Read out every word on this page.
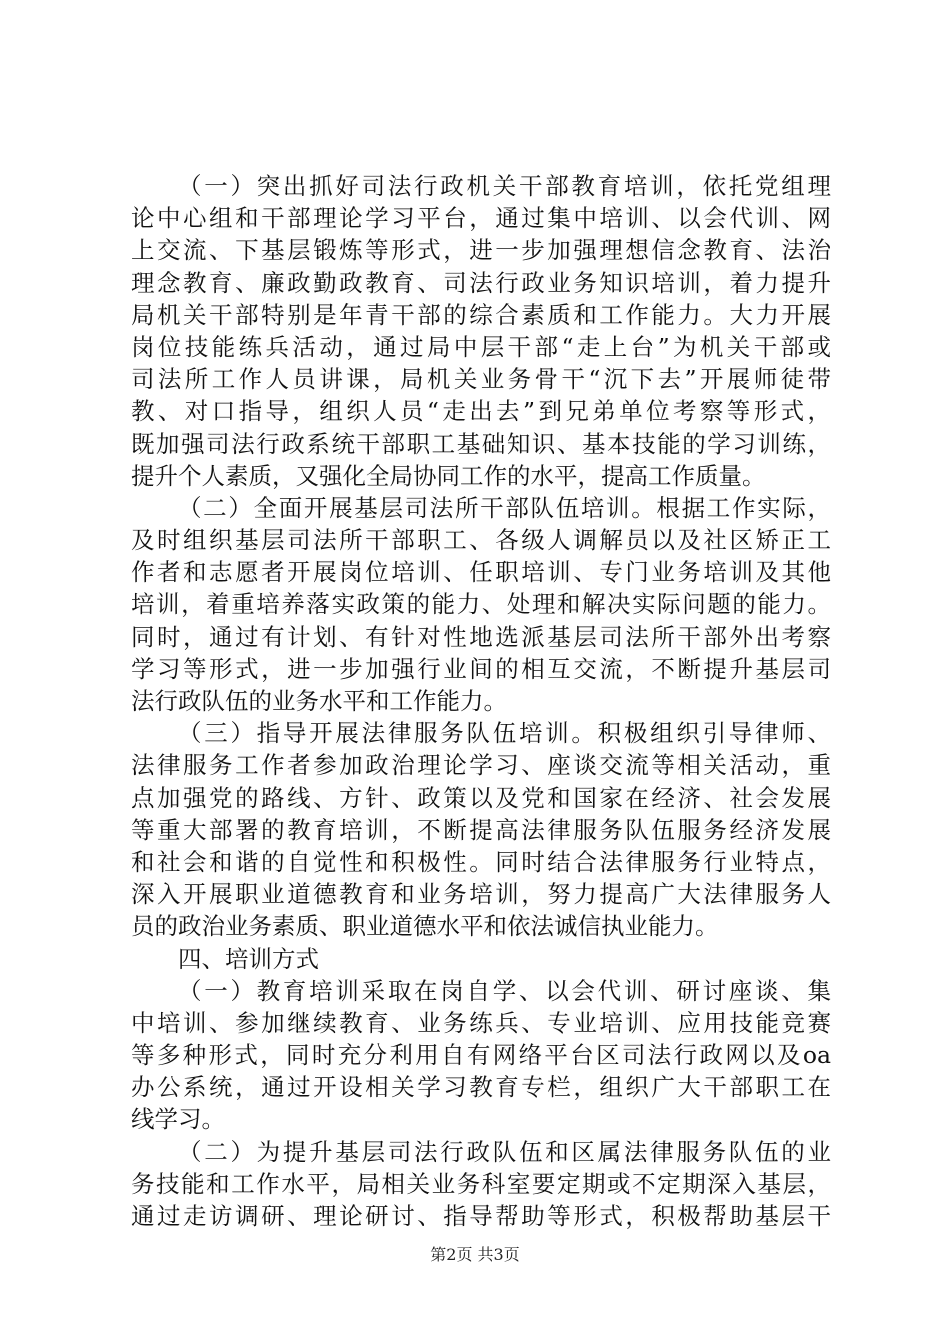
（一）突出抓好司法行政机关干部教育培训，依托党组理
论中心组和干部理论学习平台，通过集中培训、以会代训、网
上交流、下基层锻炼等形式，进一步加强理想信念教育、法治
理念教育、廉政勤政教育、司法行政业务知识培训，着力提升
局机关干部特别是年青干部的综合素质和工作能力。大力开展
岗位技能练兵活动，通过局中层干部“走上台”为机关干部或
司法所工作人员讲课，局机关业务骨干“沉下去”开展师徒带
教、对口指导，组织人员“走出去”到兄弟单位考察等形式，
既加强司法行政系统干部职工基础知识、基本技能的学习训练，
提升个人素质，又强化全局协同工作的水平，提高工作质量。
（二）全面开展基层司法所干部队伍培训。根据工作实际，
及时组织基层司法所干部职工、各级人调解员以及社区矫正工
作者和志愿者开展岗位培训、任职培训、专门业务培训及其他
培训，着重培养落实政策的能力、处理和解决实际问题的能力。
同时，通过有计划、有针对性地选派基层司法所干部外出考察
学习等形式，进一步加强行业间的相互交流，不断提升基层司
法行政队伍的业务水平和工作能力。
（三）指导开展法律服务队伍培训。积极组织引导律师、
法律服务工作者参加政治理论学习、座谈交流等相关活动，重
点加强党的路线、方针、政策以及党和国家在经济、社会发展
等重大部署的教育培训，不断提高法律服务队伍服务经济发展
和社会和谐的自觉性和积极性。同时结合法律服务行业特点，
深入开展职业道德教育和业务培训，努力提高广大法律服务人
员的政治业务素质、职业道德水平和依法诚信执业能力。
四、培训方式
（一）教育培训采取在岗自学、以会代训、研讨座谈、集
中培训、参加继续教育、业务练兵、专业培训、应用技能竞赛
等多种形式，同时充分利用自有网络平台区司法行政网以及oa
办公系统，通过开设相关学习教育专栏，组织广大干部职工在
线学习。
（二）为提升基层司法行政队伍和区属法律服务队伍的业
务技能和工作水平，局相关业务科室要定期或不定期深入基层，
通过走访调研、理论研讨、指导帮助等形式，积极帮助基层干
第2页 共3页
